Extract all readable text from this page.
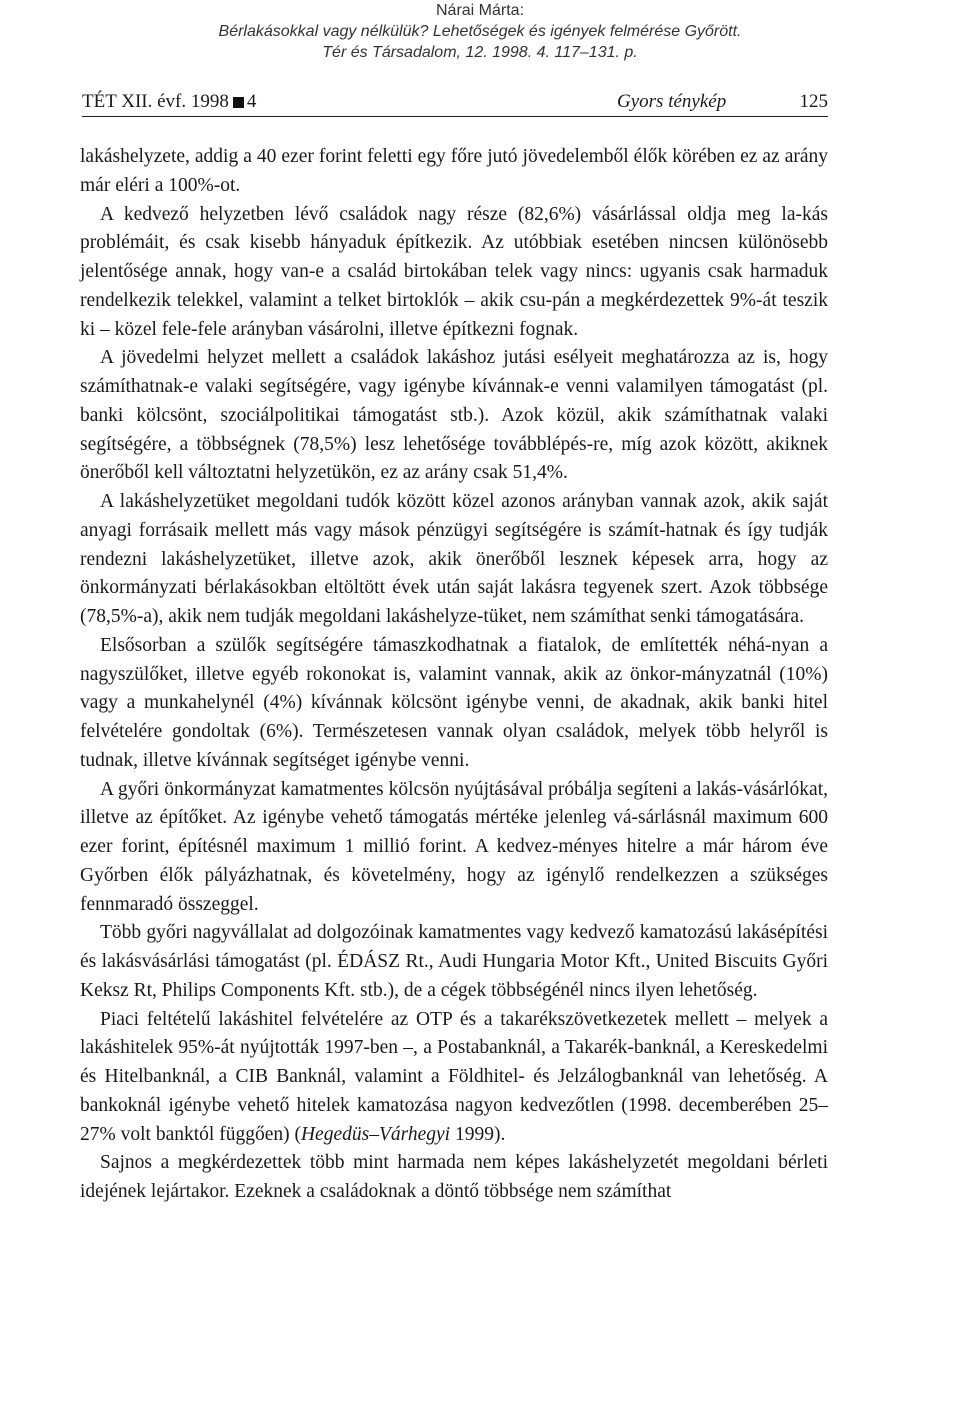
Nárai Márta:
Bérlakásokkal vagy nélkülük? Lehetőségek és igények felmérése Győrött.
Tér és Társadalom, 12. 1998. 4. 117–131. p.
TÉT XII. évf. 1998 4	Gyors ténykép	125

lakáshelyzete, addig a 40 ezer forint feletti egy főre jutó jövedelemből élők körében ez az arány már eléri a 100%-ot.

A kedvező helyzetben lévő családok nagy része (82,6%) vásárlással oldja meg la-kás problémáit, és csak kisebb hányaduk építkezik. Az utóbbiak esetében nincsen különösebb jelentősége annak, hogy van-e a család birtokában telek vagy nincs: ugyanis csak harmaduk rendelkezik telekkel, valamint a telket birtoklók – akik csu-pán a megkérdezettek 9%-át teszik ki – közel fele-fele arányban vásárolni, illetve építkezni fognak.

A jövedelmi helyzet mellett a családok lakáshoz jutási esélyeit meghatározza az is, hogy számíthatnak-e valaki segítségére, vagy igénybe kívánnak-e venni valamilyen támogatást (pl. banki kölcsönt, szociálpolitikai támogatást stb.). Azok közül, akik számíthatnak valaki segítségére, a többségnek (78,5%) lesz lehetősége továbblépés-re, míg azok között, akiknek önerőből kell változtatni helyzetükön, ez az arány csak 51,4%.

A lakáshelyzetüket megoldani tudók között közel azonos arányban vannak azok, akik saját anyagi forrásaik mellett más vagy mások pénzügyi segítségére is számít-hatnak és így tudják rendezni lakáshelyzetüket, illetve azok, akik önerőből lesznek képesek arra, hogy az önkormányzati bérlakásokban eltöltött évek után saját lakásra tegyenek szert. Azok többsége (78,5%-a), akik nem tudják megoldani lakáshelyze-tüket, nem számíthat senki támogatására.

Elsősorban a szülők segítségére támaszkodhatnak a fiatalok, de említették néhá-nyan a nagyszülőket, illetve egyéb rokonokat is, valamint vannak, akik az önkor-mányzatnál (10%) vagy a munkahelynél (4%) kívánnak kölcsönt igénybe venni, de akadnak, akik banki hitel felvételére gondoltak (6%). Természetesen vannak olyan családok, melyek több helyről is tudnak, illetve kívánnak segítséget igénybe venni.

A győri önkormányzat kamatmentes kölcsön nyújtásával próbálja segíteni a lakás-vásárlókat, illetve az építőket. Az igénybe vehető támogatás mértéke jelenleg vá-sárlásnál maximum 600 ezer forint, építésnél maximum 1 millió forint. A kedvez-ményes hitelre a már három éve Győrben élők pályázhatnak, és követelmény, hogy az igénylő rendelkezzen a szükséges fennmaradó összeggel.

Több győri nagyvállalat ad dolgozóinak kamatmentes vagy kedvező kamatozású lakásépítési és lakásvásárlási támogatást (pl. ÉDÁSZ Rt., Audi Hungaria Motor Kft., United Biscuits Győri Keksz Rt, Philips Components Kft. stb.), de a cégek többségénél nincs ilyen lehetőség.

Piaci feltételű lakáshitel felvételére az OTP és a takarékszövetkezetek mellett – melyek a lakáshitelek 95%-át nyújtották 1997-ben –, a Postabanknál, a Takarék-banknál, a Kereskedelmi és Hitelbanknál, a CIB Banknál, valamint a Földhitel- és Jelzálogbanknál van lehetőség. A bankoknál igénybe vehető hitelek kamatozása nagyon kedvezőtlen (1998. decemberében 25–27% volt banktól függően) (Hegedüs–Várhegyi 1999).

Sajnos a megkérdezettek több mint harmada nem képes lakáshelyzetét megoldani bérleti idejének lejártakor. Ezeknek a családoknak a döntő többsége nem számíthat
